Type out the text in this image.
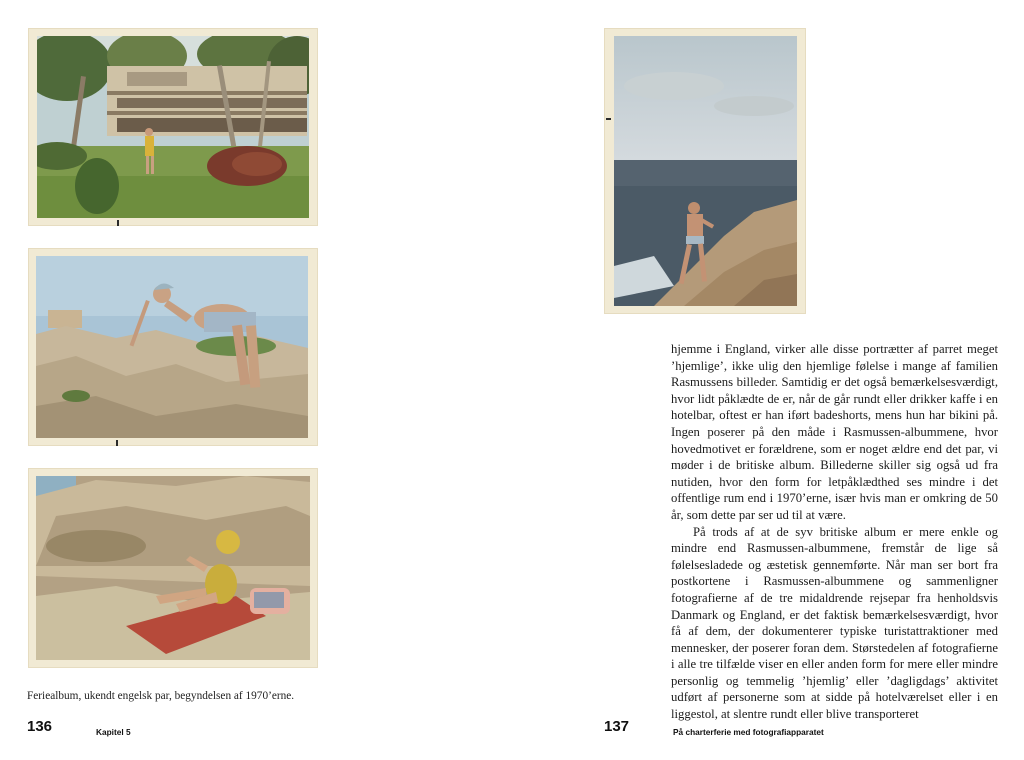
Feriealbum, ukendt engelsk par, begyndelsen af 1970’erne.
136	Kapitel 5

hjemme i England, virker alle disse portrætter af parret meget ’hjemlige’, ikke ulig den hjemlige følelse i mange af familien Rasmussens billeder. Samtidig er det også bemærkelsesværdigt, hvor lidt påklædte de er, når de går rundt eller drikker kaffe i en hotelbar, oftest er han iført badeshorts, mens hun har bikini på. Ingen poserer på den måde i Rasmussen-albummene, hvor hovedmotivet er forældrene, som er noget ældre end det par, vi møder i de britiske album. Billederne skiller sig også ud fra nutiden, hvor den form for letpåklædthed ses mindre i det offentlige rum end i 1970’erne, især hvis man er omkring de 50 år, som dette par ser ud til at være.

På trods af at de syv britiske album er mere enkle og mindre end Rasmussen-albummene, fremstår de lige så følelsesladede og æstetisk gennemførte. Når man ser bort fra postkortene i Rasmussen-albummene og sammenligner fotografierne af de tre midaldrende rejsepar fra henholdsvis Danmark og England, er det faktisk bemærkelsesværdigt, hvor få af dem, der dokumenterer typiske turistattraktioner med mennesker, der poserer foran dem. Størstedelen af fotografierne i alle tre tilfælde viser en eller anden form for mere eller mindre personlig og temmelig ’hjemlig’ eller ’dagligdags’ aktivitet udført af personerne som at sidde på hotelværelset eller i en liggestol, at slentre rundt eller blive transporteret

137	På charterferie med fotografiapparatet
